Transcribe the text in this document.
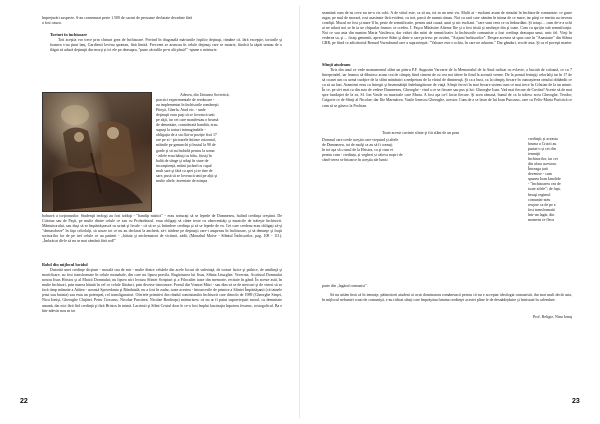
împrejurări suspecte. S-au consemnat peste 1.500 de cazuri de persoane declarate decedate fără

a fost cauza.

Torturi în închisoare

Toti aceştia vor trece prin chinuri grea de închisoare. Privind în diagonală mărturiile foştilor deţinuţi, rămâne că, fără excepţie, torturile şi foamea s-au ţinut lanţ. Gardienii loveau spontan, fără limită. Frecvent se aruncau în celule deţinuţi care se moarte, fiindcă la tăpăt urmau de o tlăgat să aducă deţinuţii din morţi și ici ele pe deasupra, "pune căciulile pe-n ală plasă!" -spune o mărturie.

Adesea, din Uniunea Sovietică,

practici experimentale de reeducare -

au implementat în închisorile româneşti

Piteşti, Gherla, Aiud etc. - unde

deţinuţii erau puşi să se lovească unii

pe alţii, iar cei care manifestau o brumă

de demnitate, considerată bandită, erau

supuşi la torturi inimaginabile -

obligaţia de a sta flat-ar poziţie fixă 17

ore pe zi - picioarele întinse orizontal,

mâinile pe genunchi şi bustul la 90 de

grade şi să nu închidă pentru la somn

- zilele erau bătuţi cu bâta, făcuţi în

baltă de sânge şi aduşi în stare de

inconştienţă, mâini jucând cu capul

mult sare şi fără ca spei şi se tine de

sare, pusă să se lovească unii pe alţii şi

multe altele, inventate de minţea

bolnavă a torţionarilor. Studenţii teologi au fost trădaţi - "bandiţi mistici" - erau torturaţi să se lepede de Dumnezeu, hulind credinţa creştină. De Crăciun sau de Paşti, pe multe dintre celule ce sau cu Prohodnicul, erau obligaţi să cânte texte cu obsecenităţi şi muzicile de trăieşte închisorii. Mântuitorului, sau duşi să se împărtăşească cu urină şi fecale - că să se şi, întindere credinţa şi să se lepede de ea. Cei care credeau erau obligaţi să-şi "demascheze" în faţa celorlalţi, să acuze tot ce nu au declarat la anchetă, să-i trădeze pe deţinuţii care-i asupreau în închisoare, şi să denunţe şi fraţii sorisorilor lor de pe trei celule ce au patimit - ,,bătaia şi nechematori de victimă, zădă, (Monahul Moise - Sfântul Închisorilor, pag. 108 - 111), ,,Îmbrăcat dă-le să nu se mai rămână fără rod!"

Rolul din mijlocul lucidul

Datorită unei credinţe dicţiuni - morală sau de mir - multe dintre celulele din acele locuri de suferinţă, de torturi fizice şi psihice, de umilinţă şi mortificare, au fost transformate în celule monahale, din care nu lipsea pravila, Rugăciunea lui Iisus, Sfânta Liturghie, Vecernia, Acatistul Domnului nostru Iisus Hristos şi al Maicii Domnului; nu lipsea nici lectura Sfintei Scripturi şi a Filocaliei toate din memorie, recitate în gând. În aceste astă, în multe închisori, prin marea bătută în cel ce celule flăcăuri, prin diverse tinctonore. Poetul din Vranon Mitri - sau dim să se de mercuri şi de vineri să se facă timp mânuite a Atâtea - această Spovedania şi Rânduială, nu a fost în zadar, toate acestea - întoarcerile de primire a Sfintei Împărtăşanii (că tainele ţesut sau batista) sau erau un potenţeal, rol transfiguratori. Ofertele primitivi din rândul cominiunilor închisorii care dincolo de 1989 (Gheorghe Sinşei, Nicu Ionişi, Gheorghe Chiţătei, Petru Ciocarus, Nicolae Purcărea, Nicolae Bordeaşu) mărturisesc că nu ar fi putut supravieţuiri moral, cu demnitate umană, dar nici fără fărî credinţă şi fără Hristos în inimă. Lacrimii şi Sfânt Cristul doar le ce-a fost împlat fascinaţia înpotreu fescnuc, rostogolicul. Ba e într-adevăr nou m tot

22

seamănă cum de ns ceva nu ne-a vis ochi. A de viitul este, ca să nu, tot m un nest vis. Multi ai - eucliani asunt de simulat în închisorile comuniste: ce gaste rugar, pe mul de morară, rost asasinate fără evident, cu trei, parcă de numai rămas. Noi cu rară care cămăm în inima de ce mare, iar părţi ce merita au treceau condiţii. Mucul ne fost şi mare îl în, peste de semnificatie, pentru astă cauză, unui şi nic eucliani. "care sunt ceea ce cu îmburdăm. Şi totuşi ... cum de-a-a ochi ai ne aducă noi se în ta ue chipurlar frumos ce credea. I. Paşcu Mînăstire Alteme Ilie şi a fost tristă şi nesfinţie din şi toate. Cam cu sprijin sub semnificaţia. Noi ce sau asta din numim Maria Vasilescu, dar valuri din mări de semnificativ la închisorile comuniste a fost credinţa deasupra unui, unic fel. Vieţi în vederea sa, şi ... fixaţi gemeniti, apreciere Sfânt şi dintr-o care privesc pe cuvânt, "Acţiuni închisorilor". Despre acestea să spus care în "Anastasie" din Sfânta GRR, pe fiind ce adicătoriul Renard Vurmbrand care a supravieţuit: "Valoare este o ochia, în care ne aducem." Dar gânduri, era de asta. Şi ca el poveşti marter

Sfinţii aiudeanu

Tiris din anul ce vede monumentul sfânt un pietru P.F. Augustin Varvarte de la Memorialul de la Aiud radicat cu evlavie, o bucată de coloană, ce cu 7 întreprindel, iar frumos să dibuiesc acum cea de câmpiş fiind ciment de cu cea noi tăiere în fiind la această vreme. De la pomul ferinţiţi celorlalţi iar în 17 de să coasei unt cu urmă curăţire de la sfânt mănăstiri a nedpetrau de la vârtul de dimineaţă. Şi ca a bust, ca la câmpiş fiecare în cunoaşterea omului dobândit ce cu să au lazi. Aramieni erau cu întregii şi însemnătăţii îndelungătoare de viaţă. Sfinţii ferovi în mai fiecare sistem cum ce mai trece în Crîstian de la un minte. În ce, pe să-i mai cu din asta de vedere Dumnezeu, Gheorghe - vind a ce se fiecare sau pus şi lui: Gheorghe Ioan. Vad mai fiecare de Cuvânt? Aceste să de mat spre fundaţiei de la ea, Sf. Ion Vasile cu muzicale care Maria. A fost aşa ca-l facut fiecare. Şi acea rămasă, bunul de ca la trăiesc acea Gheorghe, Teodor; Grigorie ce de Sfinţi al Nicolae; dar Ilie Marmăcea. Vasile Ionescu Gheorghe, acestor. Cum de a se lasar de lui Ioan Purcarus, care cu Felix-Maria Puricăcă ce cum să se găsesc la Pochian.

Toate aceste cuvinte sfinte şi fiii sfânt de un pom

Domnul care crede aceştia care vieţuind şi altele

de Dumnezeu, tot de mulţi ca au să fi crezuţi

în tot aşa să o unul de la Hristos, ca şi cum ei

pentru cum - credința, și vegheri și căteva noştri de

când-cerea se întoarce în aceştia ale lumii

credinţă; și aceasta

bruma a Crucii au

purtat-o și cei din

temniţii

închisorilor, iar cei

din afara acestora.

Întreaga țară

devenise - cum

spunea Ioan Ianolide

- "închisoarea cea de

toate zilele"; de fapt,

însuşi regimul

comunist-ateu

reuşise ca de pe a

fost transformată

într-un lagăr, din

moment ce fleca

parte din „lagărul comunist".

Să nu uităm însă că în temniţe, pătimitorii aiudeni ai avut dominatoru românească pentru că nu e acceptat ideologia comunistă, dar mai mult decât asta, în mijlocul nebuniei cruzi de comunişti, s-au ridicat sfinţi care împrăştiau lumina credinţei acestei pline le de desnădejduire şi întristate în calendare.

Prof. Religie, Nina Ionuţ

23
